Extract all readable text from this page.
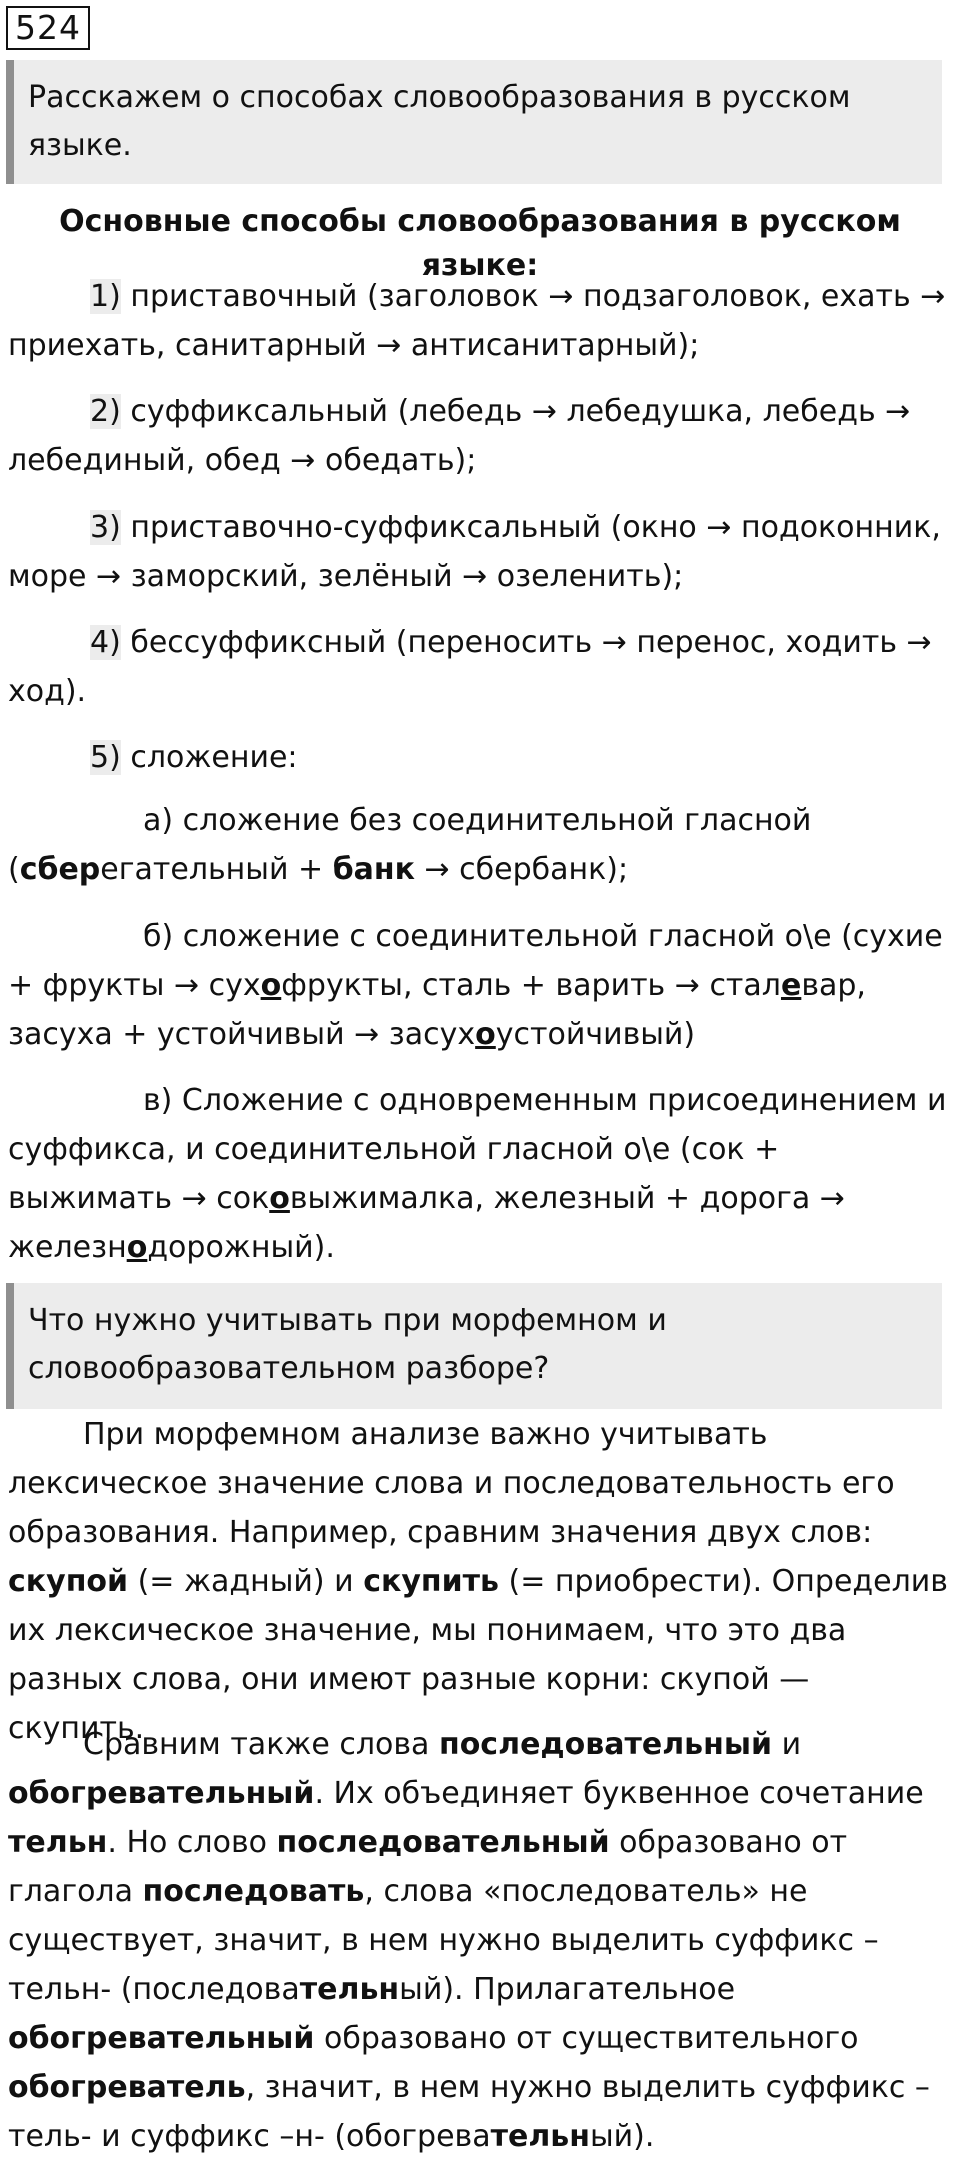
524
Расскажем о способах словообразования в русском языке.
Основные способы словообразования в русском языке:
1) приставочный (заголовок → подзаголовок, ехать → приехать, санитарный → антисанитарный);
2) суффиксальный (лебедь → лебедушка, лебедь → лебединый, обед → обедать);
3) приставочно-суффиксальный (окно → подоконник, море → заморский, зелёный → озеленить);
4) бессуффиксный (переносить → перенос, ходить → ход).
5) сложение:
а) сложение без соединительной гласной (сберегательный + банк → сбербанк);
б) сложение с соединительной гласной о\е (сухие + фрукты → сухофрукты, сталь + варить → сталевар, засуха + устойчивый → засухоустойчивый)
в) Сложение с одновременным присоединением и суффикса, и соединительной гласной о\е (сок + выжимать → соковыжималка, железный + дорога → железнодорожный).
Что нужно учитывать при морфемном и словообразовательном разборе?
При морфемном анализе важно учитывать лексическое значение слова и последовательность его образования. Например, сравним значения двух слов: скупой (= жадный) и скупить (= приобрести). Определив их лексическое значение, мы понимаем, что это два разных слова, они имеют разные корни: скупой — скупить.
Сравним также слова последовательный и обогревательный. Их объединяет буквенное сочетание тельн. Но слово последовательный образовано от глагола последовать, слова «последователь» не существует, значит, в нем нужно выделить суффикс –тельн- (последовательный). Прилагательное обогревательный образовано от существительного обогреватель, значит, в нем нужно выделить суффикс –тель- и суффикс –н- (обогревательный).
